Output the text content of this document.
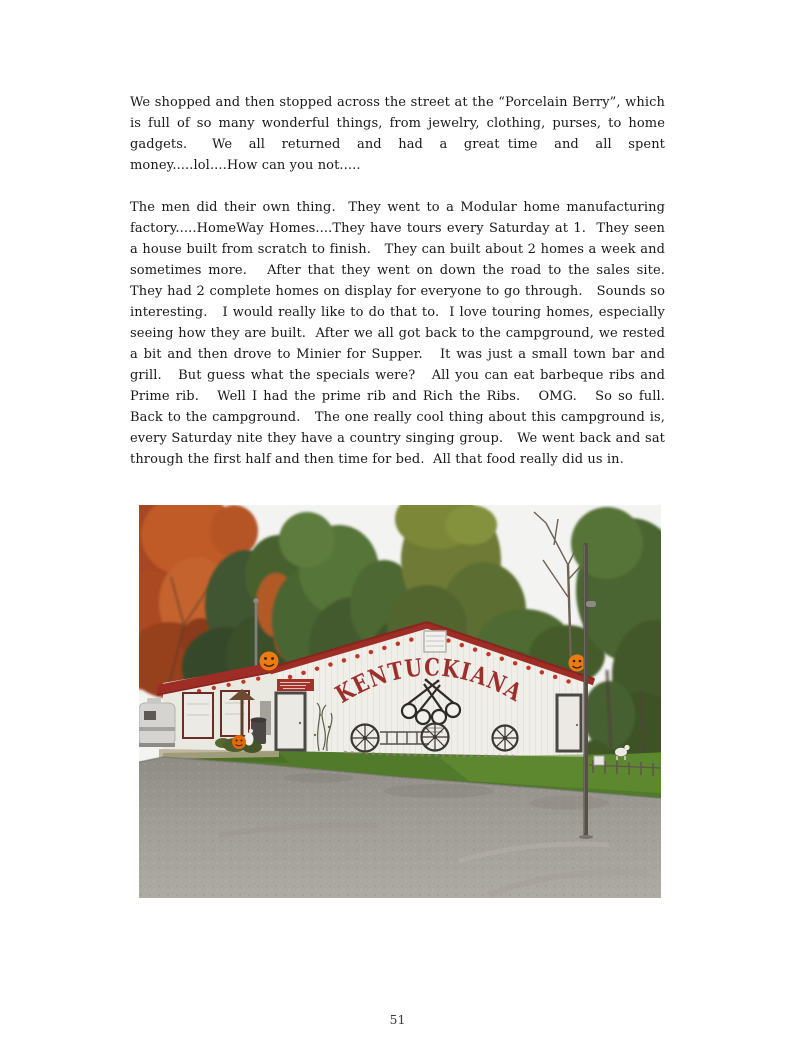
We shopped and then stopped across the street at the “Porcelain Berry”, which is full of so many wonderful things, from jewelry, clothing, purses, to home gadgets.   We  all  returned  and  had  a  great time  and  all  spent money.....lol....How can you not.....

The men did their own thing.  They went to a Modular home manufacturing factory.....HomeWay Homes....They have tours every Saturday at 1.  They seen a house built from scratch to finish.   They can built about 2 homes a week and sometimes more.   After that they went on down the road to the sales site.  They had 2 complete homes on display for everyone to go through.   Sounds so interesting.   I would really like to do that to.  I love touring homes, especially seeing how they are built.  After we all got back to the campground, we rested a bit and then drove to Minier for Supper.   It was just a small town bar and grill.   But guess what the specials were?   All you can eat barbeque ribs and Prime rib.   Well I had the prime rib and Rich the Ribs.   OMG.   So so full.  Back to the campground.   The one really cool thing about this campground is, every Saturday nite they have a country singing group.   We went back and sat through the first half and then time for bed.  All that food really did us in.

KENTUCKIANA
51
